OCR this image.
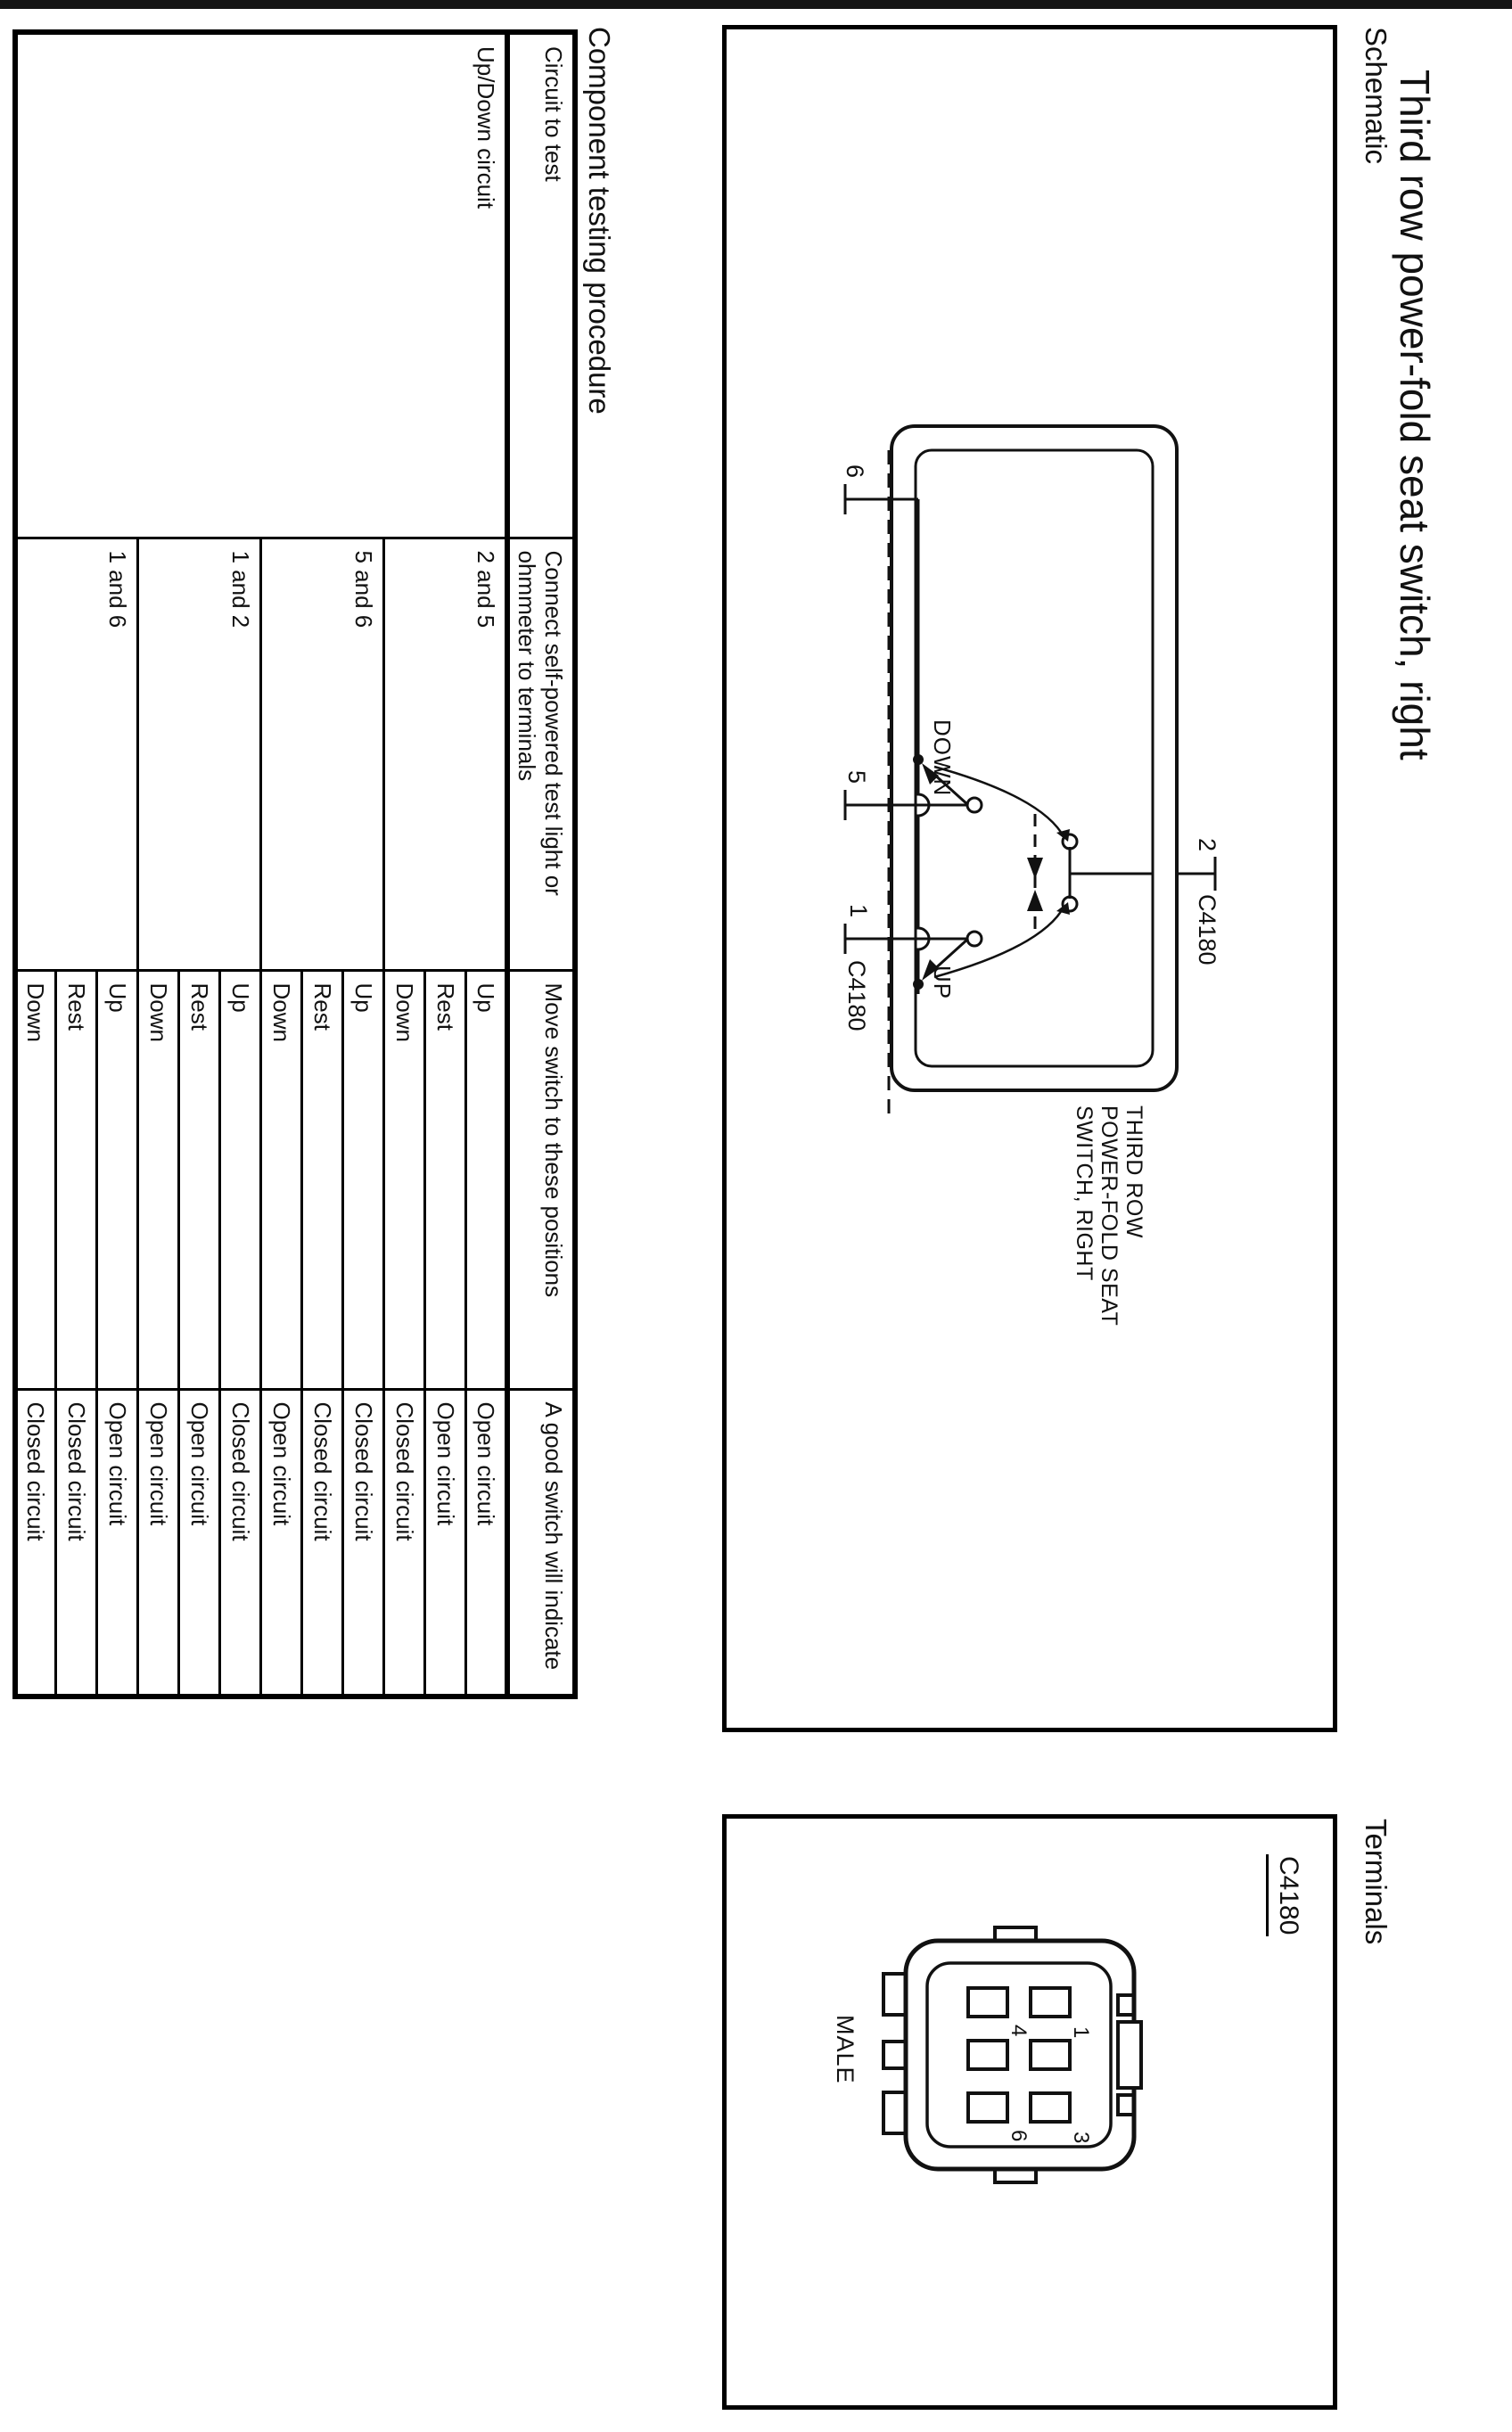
Third row power-fold seat switch, right
Schematic
Terminals
2
C4180
DOWN
UP
6
5
1
C4180
THIRD ROW
POWER-FOLD SEAT
SWITCH, RIGHT
C4180
1
3
4
6
MALE
Component testing procedure
Circuit to test	Connect self-powered test light or ohmmeter to terminals	Move switch to these positions	A good switch will indicate
Up/Down circuit	2 and 5	Up	Open circuit
		Rest	Open circuit
		Down	Closed circuit
	5 and 6	Up	Closed circuit
		Rest	Closed circuit
		Down	Open circuit
	1 and 2	Up	Closed circuit
		Rest	Open circuit
		Down	Open circuit
	1 and 6	Up	Open circuit
		Rest	Closed circuit
		Down	Closed circuit
